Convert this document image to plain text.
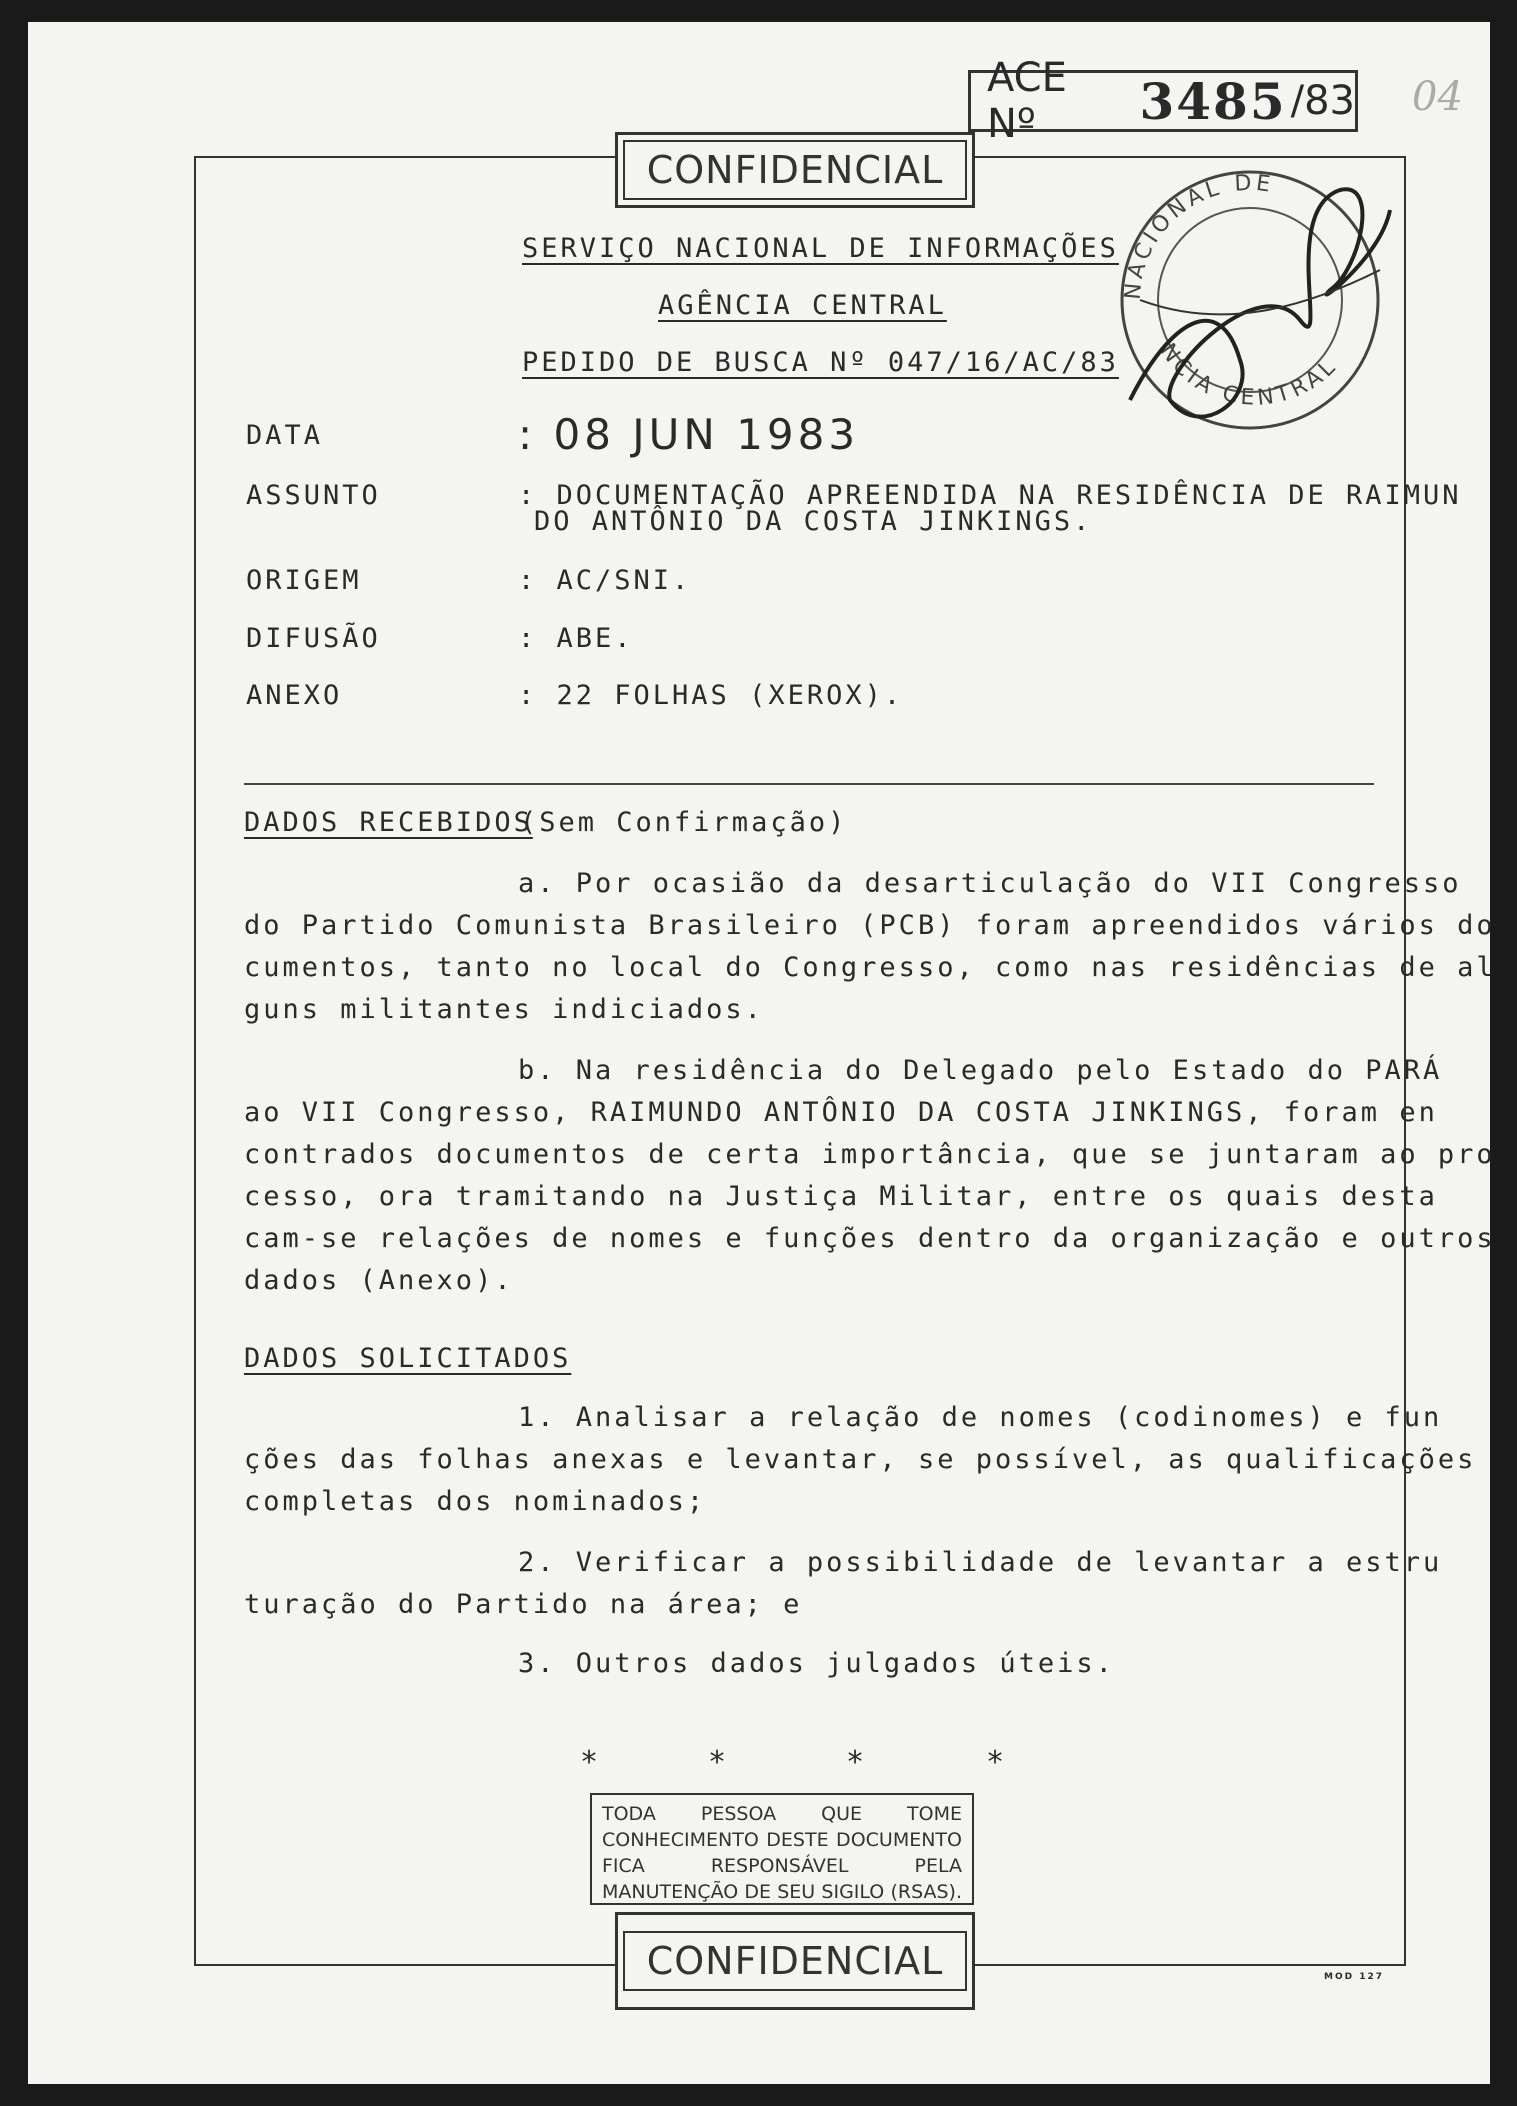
ACE Nº	3485 /83 04
CONFIDENCIAL
NACIONAL DE
NCIA CENTRAL
SERVIÇO NACIONAL DE INFORMAÇÕES
AGÊNCIA CENTRAL
PEDIDO DE BUSCA Nº 047/16/AC/83
DATA	: 08 JUN 1983
ASSUNTO	: DOCUMENTAÇÃO APREENDIDA NA RESIDÊNCIA DE RAIMUN
DO ANTÔNIO DA COSTA JINKINGS.
ORIGEM	: AC/SNI.
DIFUSÃO	: ABE.
ANEXO	: 22 FOLHAS (XEROX).
DADOS RECEBIDOS
(Sem Confirmação)
a. Por ocasião da desarticulação do VII Congresso
do Partido Comunista Brasileiro (PCB) foram apreendidos vários do
cumentos, tanto no local do Congresso, como nas residências de al
guns militantes indiciados.
b. Na residência do Delegado pelo Estado do PARÁ
ao VII Congresso, RAIMUNDO ANTÔNIO DA COSTA JINKINGS, foram en
contrados documentos de certa importância, que se juntaram ao pro
cesso, ora tramitando na Justiça Militar, entre os quais desta
cam-se relações de nomes e funções dentro da organização e outros
dados (Anexo).
DADOS SOLICITADOS
1. Analisar a relação de nomes (codinomes) e fun
ções das folhas anexas e levantar, se possível, as qualificações
completas dos nominados;
2. Verificar a possibilidade de levantar a estru
turação do Partido na área; e
3. Outros dados julgados úteis.
*	*	*	*
TODA PESSOA QUE TOME CONHECIMENTO DESTE DOCUMENTO FICA RESPONSÁVEL PELA MANUTENÇÃO DE SEU SIGILO (RSAS).
CONFIDENCIAL	MOD 127
